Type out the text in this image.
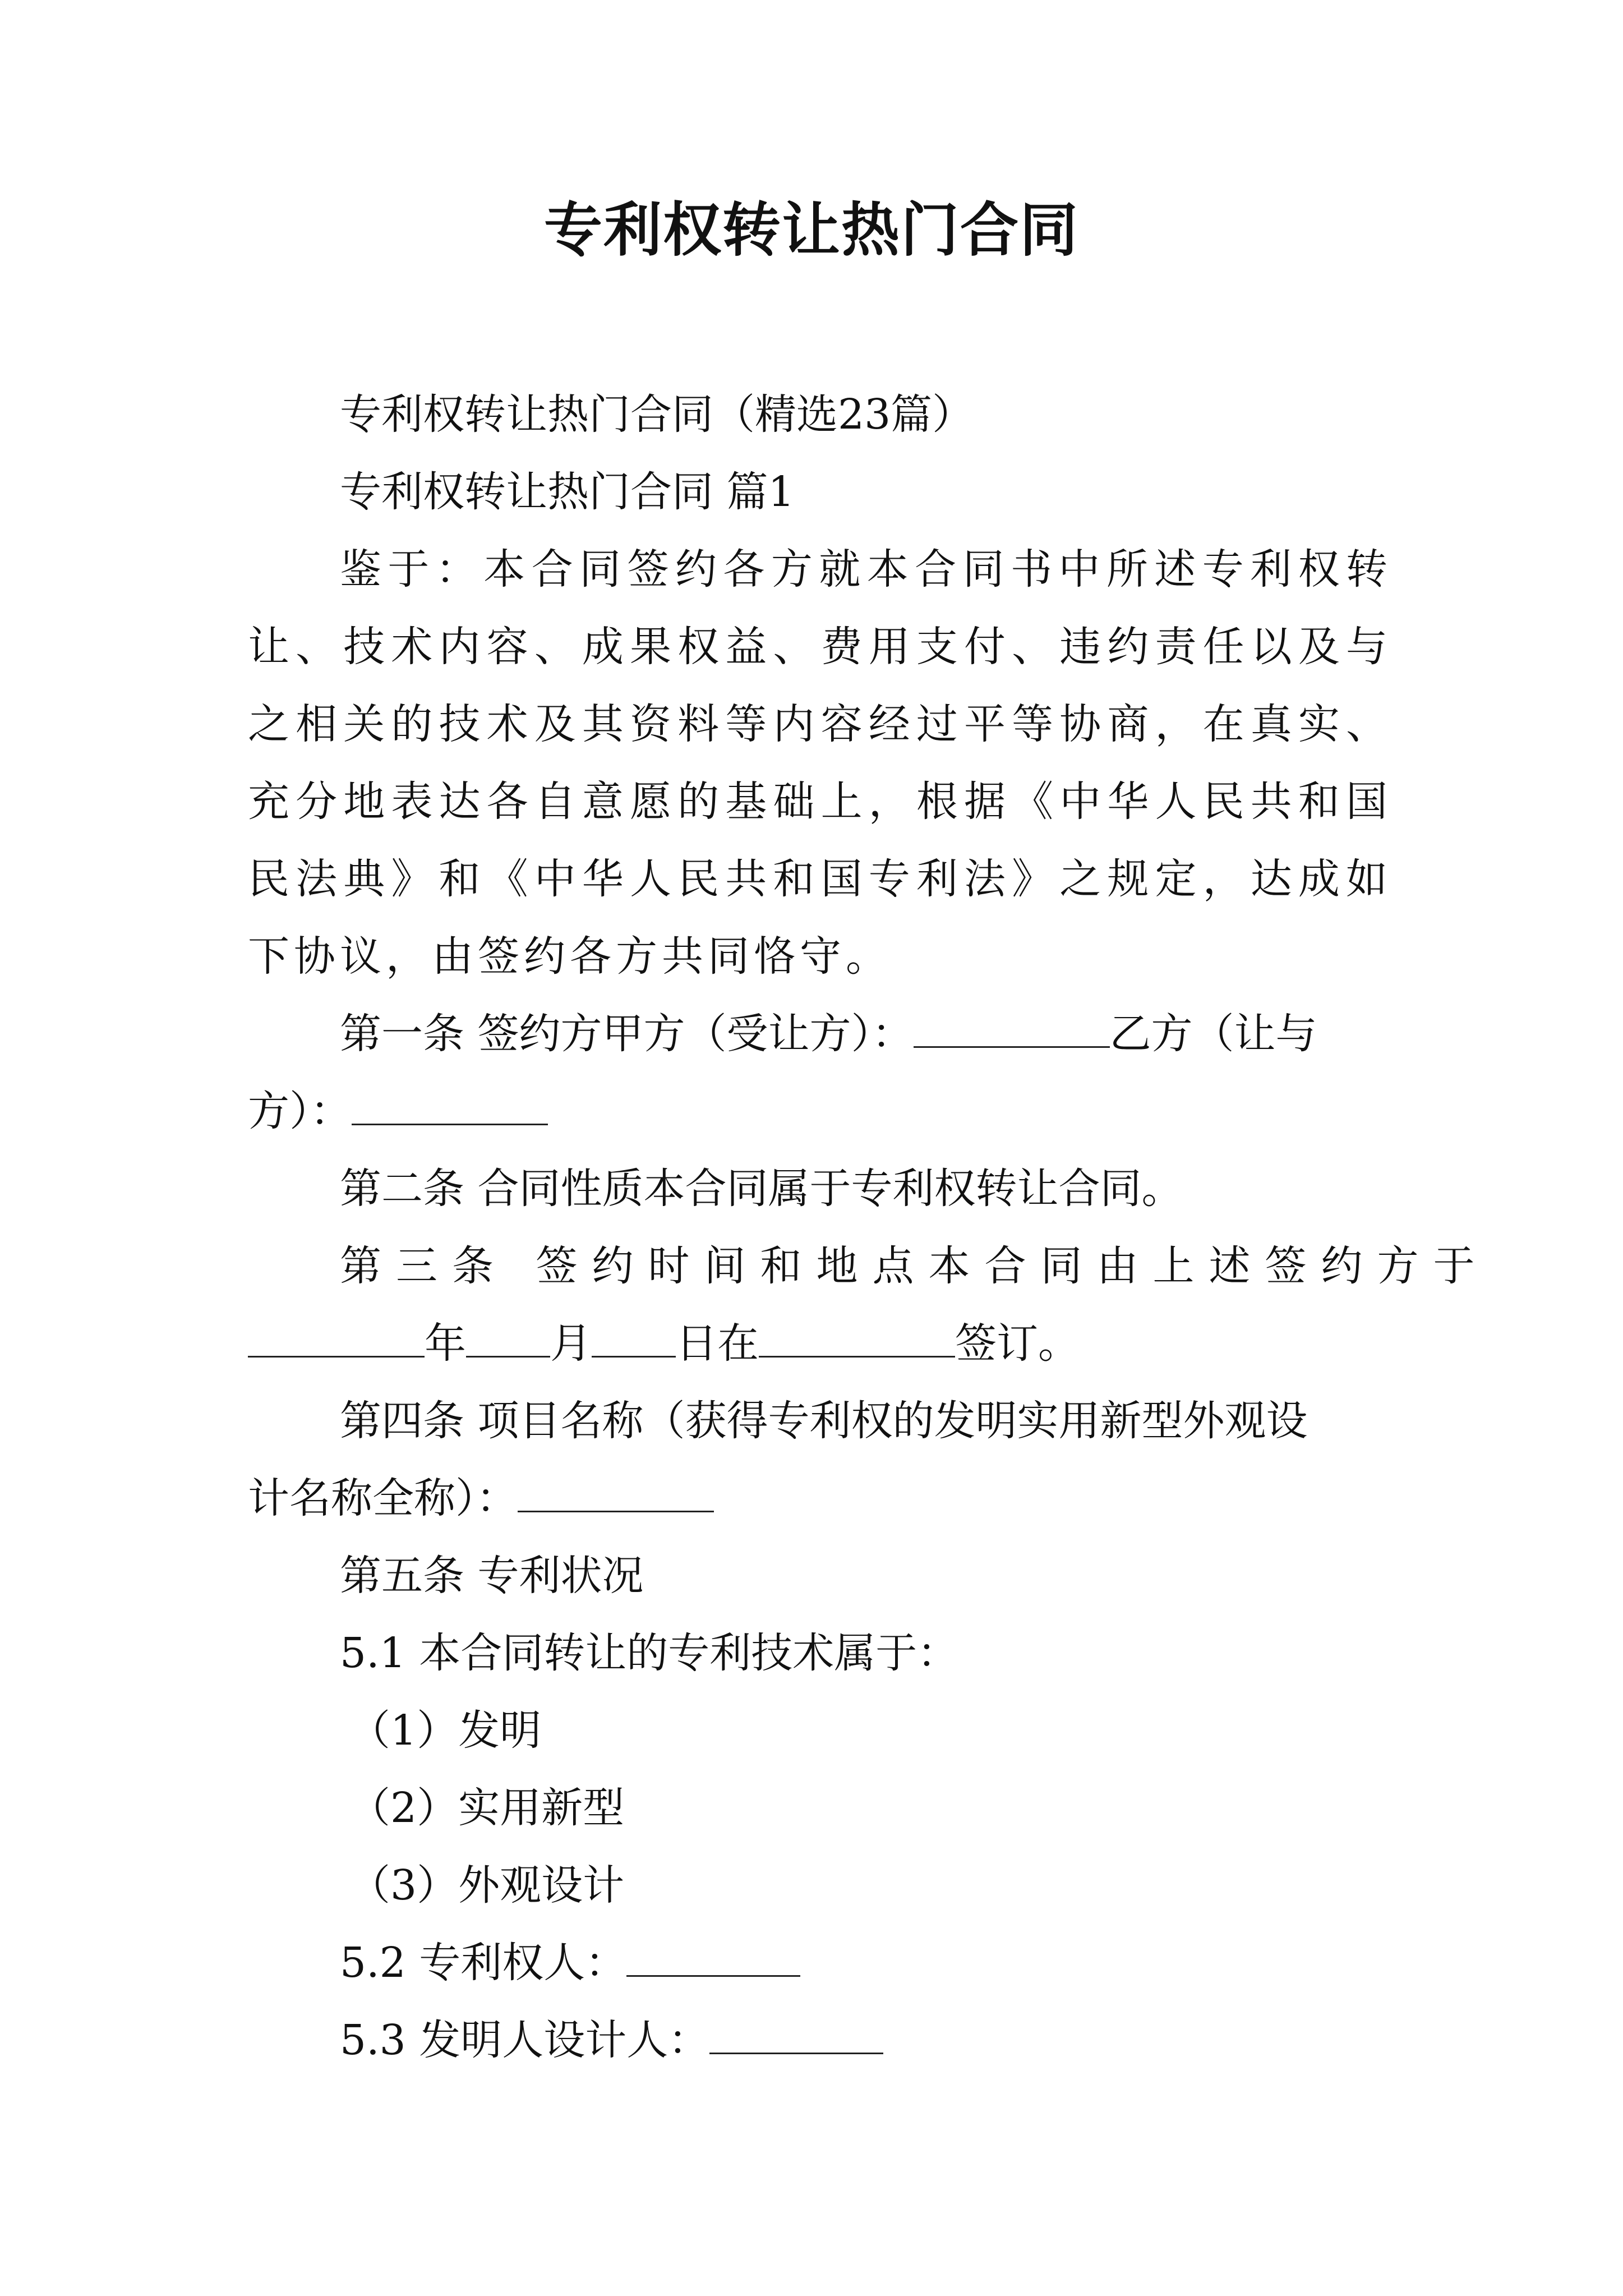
专利权转让热门合同

专利权转让热门合同（精选23篇）

专利权转让热门合同 篇1

鉴于：本合同签约各方就本合同书中所述专利权转让、技术内容、成果权益、费用支付、违约责任以及与之相关的技术及其资料等内容经过平等协商，在真实、充分地表达各自意愿的基础上，根据《中华人民共和国民法典》和《中华人民共和国专利法》之规定，达成如下协议，由签约各方共同恪守。

第一条 签约方甲方（受让方）：	乙方（让与

方）：

第二条 合同性质本合同属于专利权转让合同。

第三条 签约时间和地点本合同由上述签约方于

年 月 日在	签订。

第四条 项目名称（获得专利权的发明实用新型外观设

计名称全称）：

第五条 专利状况

5.1 本合同转让的专利技术属于：

（1）发明

（2）实用新型

（3）外观设计

5.2 专利权人：

5.3 发明人设计人：
